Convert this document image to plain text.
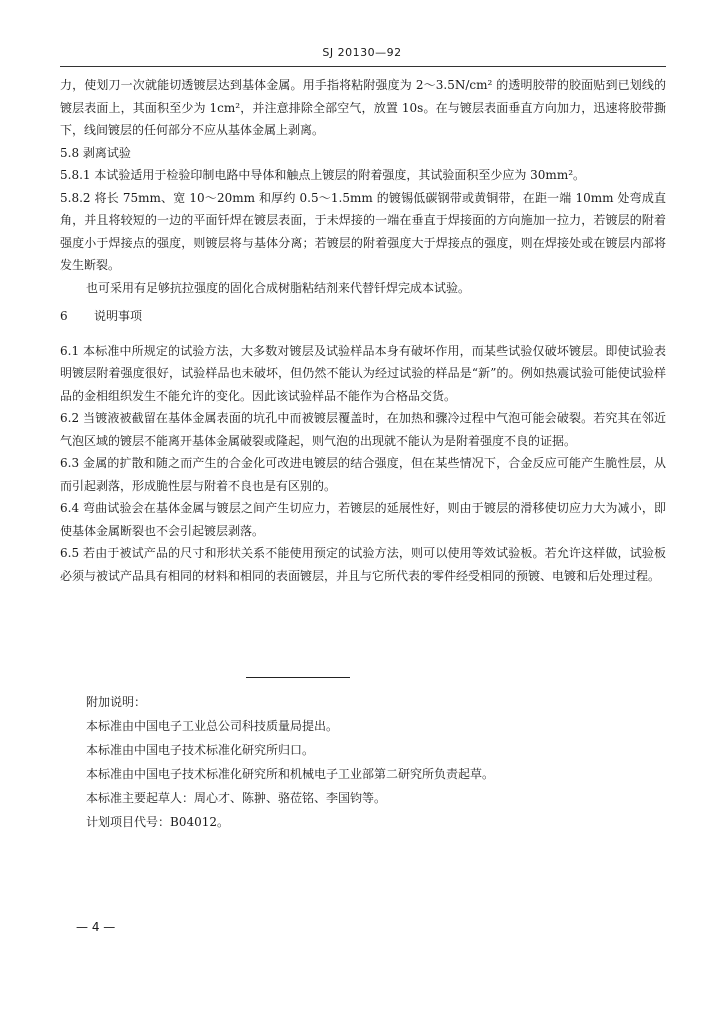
SJ 20130—92

力，使划刀一次就能切透镀层达到基体金属。用手指将粘附强度为 2～3.5N/cm² 的透明胶带的胶面贴到已划线的镀层表面上，其面积至少为 1cm²，并注意排除全部空气，放置 10s。在与镀层表面垂直方向加力，迅速将胶带撕下，线间镀层的任何部分不应从基体金属上剥离。

5.8 剥离试验

5.8.1 本试验适用于检验印制电路中导体和触点上镀层的附着强度，其试验面积至少应为 30mm²。

5.8.2 将长 75mm、宽 10～20mm 和厚约 0.5～1.5mm 的镀锡低碳钢带或黄铜带，在距一端 10mm 处弯成直角，并且将较短的一边的平面钎焊在镀层表面，于未焊接的一端在垂直于焊接面的方向施加一拉力，若镀层的附着强度小于焊接点的强度，则镀层将与基体分离；若镀层的附着强度大于焊接点的强度，则在焊接处或在镀层内部将发生断裂。

也可采用有足够抗拉强度的固化合成树脂粘结剂来代替钎焊完成本试验。

6 说明事项

6.1 本标准中所规定的试验方法，大多数对镀层及试验样品本身有破坏作用，而某些试验仅破坏镀层。即使试验表明镀层附着强度很好，试验样品也未破坏，但仍然不能认为经过试验的样品是“新”的。例如热震试验可能使试验样品的金相组织发生不能允许的变化。因此该试验样品不能作为合格品交货。

6.2 当镀液被截留在基体金属表面的坑孔中而被镀层覆盖时，在加热和骤冷过程中气泡可能会破裂。若究其在邻近气泡区域的镀层不能离开基体金属破裂或隆起，则气泡的出现就不能认为是附着强度不良的证据。

6.3 金属的扩散和随之而产生的合金化可改进电镀层的结合强度，但在某些情况下，合金反应可能产生脆性层，从而引起剥落，形成脆性层与附着不良也是有区别的。

6.4 弯曲试验会在基体金属与镀层之间产生切应力，若镀层的延展性好，则由于镀层的滑移使切应力大为减小，即使基体金属断裂也不会引起镀层剥落。

6.5 若由于被试产品的尺寸和形状关系不能使用预定的试验方法，则可以使用等效试验板。若允许这样做，试验板必须与被试产品具有相同的材料和相同的表面镀层，并且与它所代表的零件经受相同的预镀、电镀和后处理过程。

附加说明：

本标准由中国电子工业总公司科技质量局提出。

本标准由中国电子技术标准化研究所归口。

本标准由中国电子技术标准化研究所和机械电子工业部第二研究所负责起草。

本标准主要起草人：周心才、陈翀、骆莅铭、李国钧等。

计划项目代号：B04012。

— 4 —
